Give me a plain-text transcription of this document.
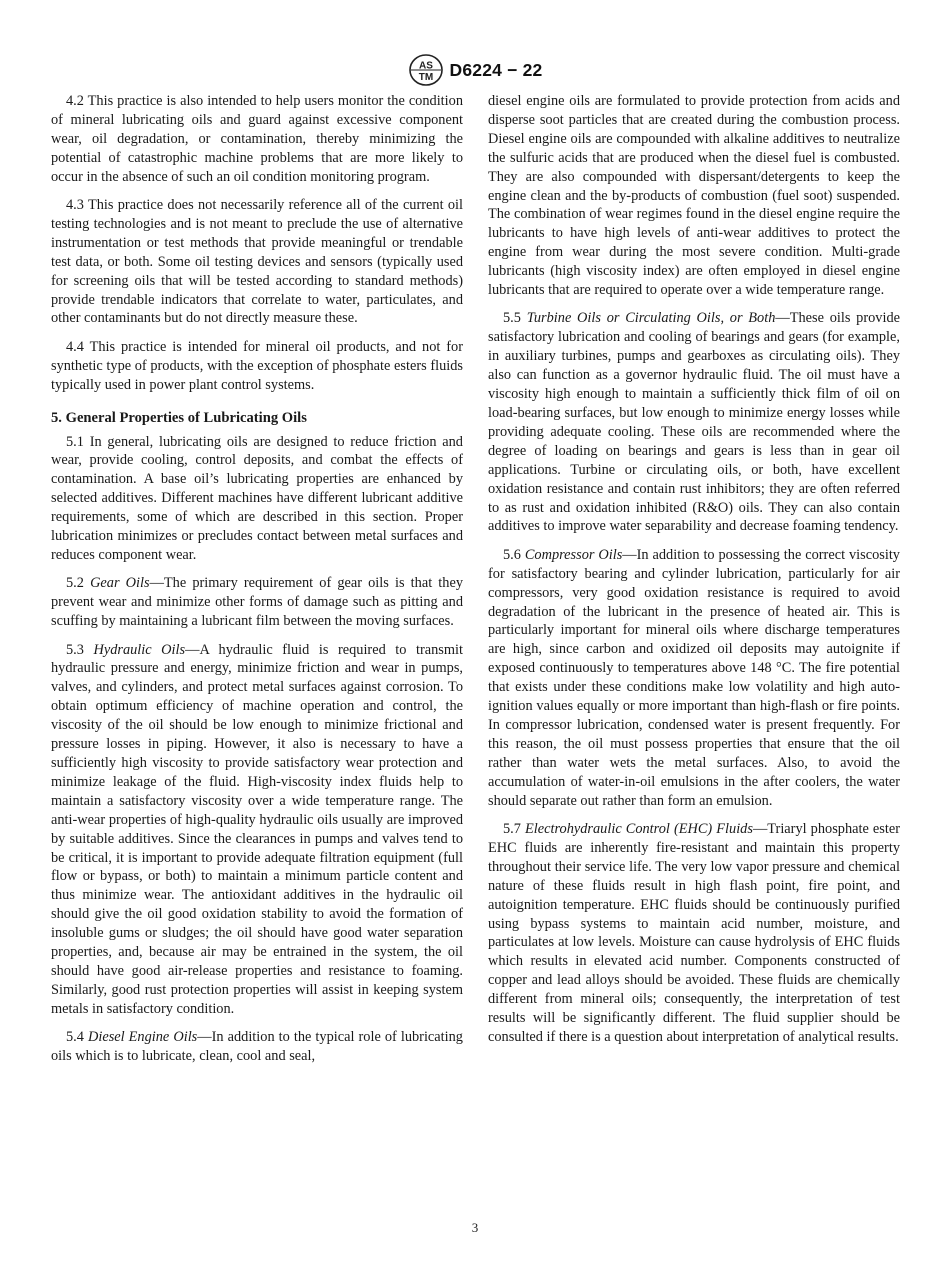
AS
TM D6224 − 22

4.2 This practice is also intended to help users monitor the condition of mineral lubricating oils and guard against excessive component wear, oil degradation, or contamination, thereby minimizing the potential of catastrophic machine problems that are more likely to occur in the absence of such an oil condition monitoring program.

4.3 This practice does not necessarily reference all of the current oil testing technologies and is not meant to preclude the use of alternative instrumentation or test methods that provide meaningful or trendable test data, or both. Some oil testing devices and sensors (typically used for screening oils that will be tested according to standard methods) provide trendable indicators that correlate to water, particulates, and other contaminants but do not directly measure these.

4.4 This practice is intended for mineral oil products, and not for synthetic type of products, with the exception of phosphate esters fluids typically used in power plant control systems.

5. General Properties of Lubricating Oils

5.1 In general, lubricating oils are designed to reduce friction and wear, provide cooling, control deposits, and combat the effects of contamination. A base oil’s lubricating properties are enhanced by selected additives. Different machines have different lubricant additive requirements, some of which are described in this section. Proper lubrication minimizes or precludes contact between metal surfaces and reduces component wear.

5.2 Gear Oils—The primary requirement of gear oils is that they prevent wear and minimize other forms of damage such as pitting and scuffing by maintaining a lubricant film between the moving surfaces.

5.3 Hydraulic Oils—A hydraulic fluid is required to transmit hydraulic pressure and energy, minimize friction and wear in pumps, valves, and cylinders, and protect metal surfaces against corrosion. To obtain optimum efficiency of machine operation and control, the viscosity of the oil should be low enough to minimize frictional and pressure losses in piping. However, it also is necessary to have a sufficiently high viscosity to provide satisfactory wear protection and minimize leakage of the fluid. High-viscosity index fluids help to maintain a satisfactory viscosity over a wide temperature range. The anti-wear properties of high-quality hydraulic oils usually are improved by suitable additives. Since the clearances in pumps and valves tend to be critical, it is important to provide adequate filtration equipment (full flow or bypass, or both) to maintain a minimum particle content and thus minimize wear. The antioxidant additives in the hydraulic oil should give the oil good oxidation stability to avoid the formation of insoluble gums or sludges; the oil should have good water separation properties, and, because air may be entrained in the system, the oil should have good air-release properties and resistance to foaming. Similarly, good rust protection properties will assist in keeping system metals in satisfactory condition.

5.4 Diesel Engine Oils—In addition to the typical role of lubricating oils which is to lubricate, clean, cool and seal,

diesel engine oils are formulated to provide protection from acids and disperse soot particles that are created during the combustion process. Diesel engine oils are compounded with alkaline additives to neutralize the sulfuric acids that are produced when the diesel fuel is combusted. They are also compounded with dispersant/detergents to keep the engine clean and the by-products of combustion (fuel soot) suspended. The combination of wear regimes found in the diesel engine require the lubricants to have high levels of anti-wear additives to protect the engine from wear during the most severe condition. Multi-grade lubricants (high viscosity index) are often employed in diesel engine lubricants that are required to operate over a wide temperature range.

5.5 Turbine Oils or Circulating Oils, or Both—These oils provide satisfactory lubrication and cooling of bearings and gears (for example, in auxiliary turbines, pumps and gearboxes as circulating oils). They also can function as a governor hydraulic fluid. The oil must have a viscosity high enough to maintain a sufficiently thick film of oil on load-bearing surfaces, but low enough to minimize energy losses while providing adequate cooling. These oils are recommended where the degree of loading on bearings and gears is less than in gear oil applications. Turbine or circulating oils, or both, have excellent oxidation resistance and contain rust inhibitors; they are often referred to as rust and oxidation inhibited (R&O) oils. They can also contain additives to improve water separability and decrease foaming tendency.

5.6 Compressor Oils—In addition to possessing the correct viscosity for satisfactory bearing and cylinder lubrication, particularly for air compressors, very good oxidation resistance is required to avoid degradation of the lubricant in the presence of heated air. This is particularly important for mineral oils where discharge temperatures are high, since carbon and oxidized oil deposits may autoignite if exposed continuously to temperatures above 148 °C. The fire potential that exists under these conditions make low volatility and high auto-ignition values equally or more important than high-flash or fire points. In compressor lubrication, condensed water is present frequently. For this reason, the oil must possess properties that ensure that the oil rather than water wets the metal surfaces. Also, to avoid the accumulation of water-in-oil emulsions in the after coolers, the water should separate out rather than form an emulsion.

5.7 Electrohydraulic Control (EHC) Fluids—Triaryl phosphate ester EHC fluids are inherently fire-resistant and maintain this property throughout their service life. The very low vapor pressure and chemical nature of these fluids result in high flash point, fire point, and autoignition temperature. EHC fluids should be continuously purified using bypass systems to maintain acid number, moisture, and particulates at low levels. Moisture can cause hydrolysis of EHC fluids which results in elevated acid number. Components constructed of copper and lead alloys should be avoided. These fluids are chemically different from mineral oils; consequently, the interpretation of test results will be significantly different. The fluid supplier should be consulted if there is a question about interpretation of analytical results.

3
